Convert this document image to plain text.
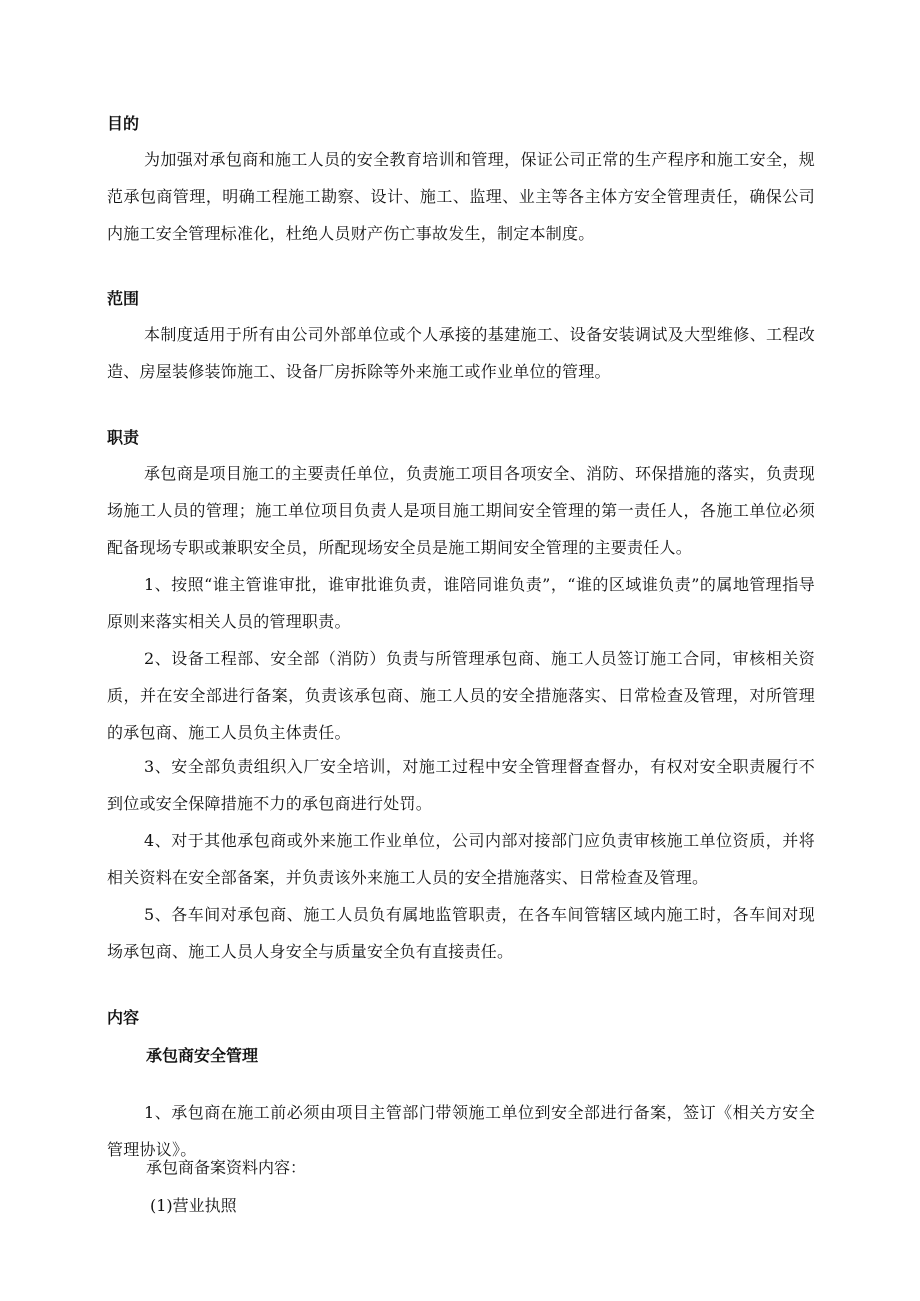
目的

为加强对承包商和施工人员的安全教育培训和管理，保证公司正常的生产程序和施工安全，规范承包商管理，明确工程施工勘察、设计、施工、监理、业主等各主体方安全管理责任，确保公司内施工安全管理标准化，杜绝人员财产伤亡事故发生，制定本制度。

范围

本制度适用于所有由公司外部单位或个人承接的基建施工、设备安装调试及大型维修、工程改造、房屋装修装饰施工、设备厂房拆除等外来施工或作业单位的管理。

职责

承包商是项目施工的主要责任单位，负责施工项目各项安全、消防、环保措施的落实，负责现场施工人员的管理；施工单位项目负责人是项目施工期间安全管理的第一责任人，各施工单位必须配备现场专职或兼职安全员，所配现场安全员是施工期间安全管理的主要责任人。

1、按照“谁主管谁审批，谁审批谁负责，谁陪同谁负责”，“谁的区域谁负责”的属地管理指导原则来落实相关人员的管理职责。

2、设备工程部、安全部（消防）负责与所管理承包商、施工人员签订施工合同，审核相关资质，并在安全部进行备案，负责该承包商、施工人员的安全措施落实、日常检查及管理，对所管理的承包商、施工人员负主体责任。

3、安全部负责组织入厂安全培训，对施工过程中安全管理督查督办，有权对安全职责履行不到位或安全保障措施不力的承包商进行处罚。

4、对于其他承包商或外来施工作业单位，公司内部对接部门应负责审核施工单位资质，并将相关资料在安全部备案，并负责该外来施工人员的安全措施落实、日常检查及管理。

5、各车间对承包商、施工人员负有属地监管职责，在各车间管辖区域内施工时，各车间对现场承包商、施工人员人身安全与质量安全负有直接责任。

内容
承包商安全管理

1、承包商在施工前必须由项目主管部门带领施工单位到安全部进行备案，签订《相关方安全管理协议》。

承包商备案资料内容：

(1)营业执照
